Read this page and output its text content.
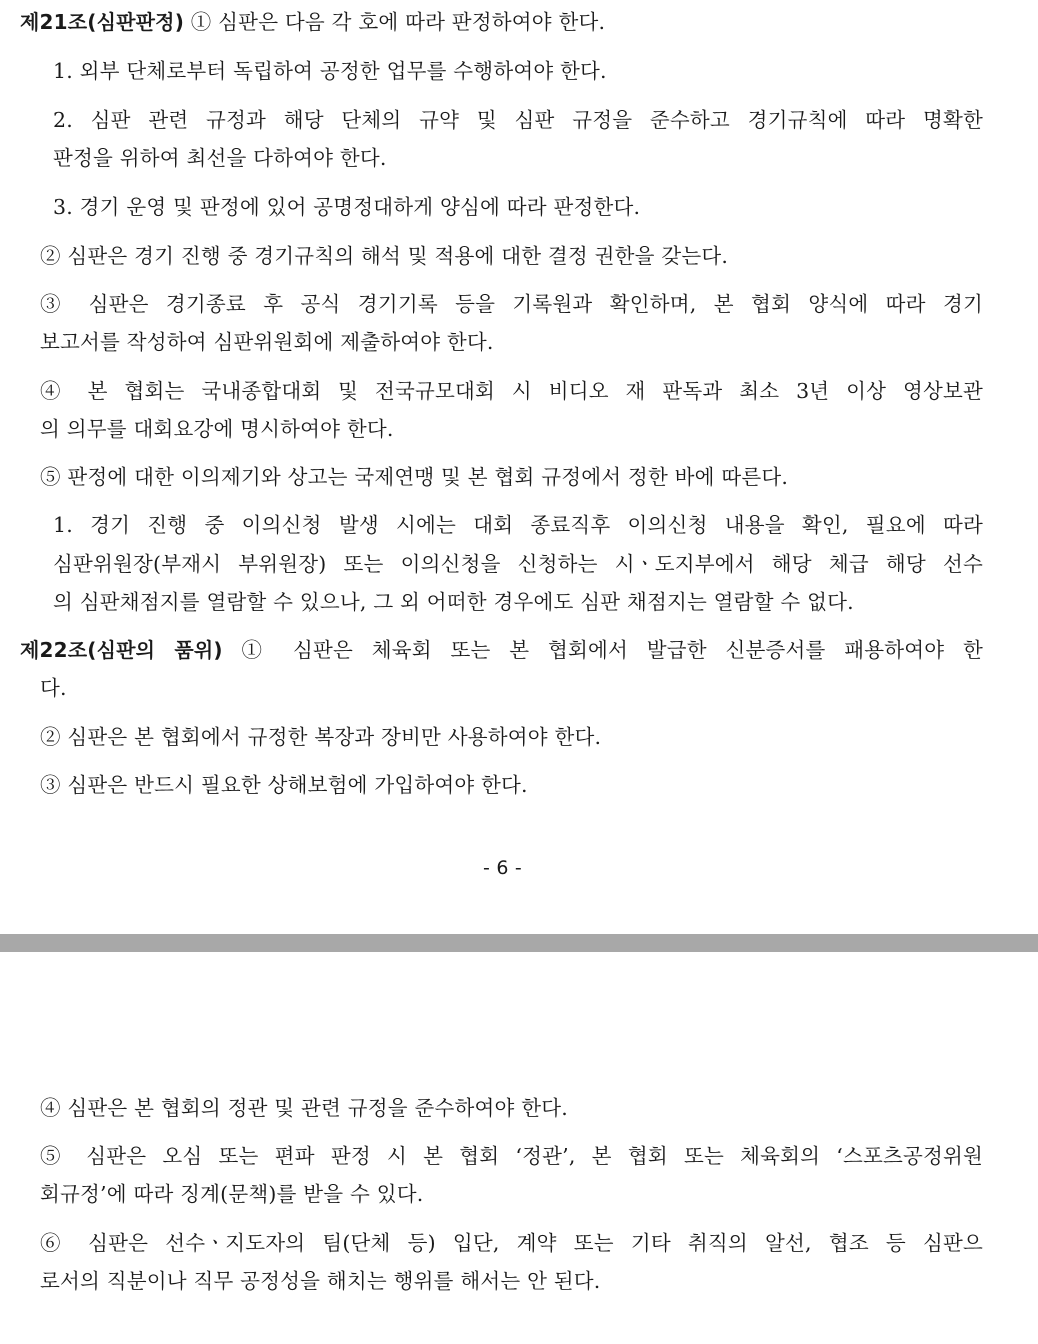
제21조(심판판정) ① 심판은 다음 각 호에 따라 판정하여야 한다.
1. 외부 단체로부터 독립하여 공정한 업무를 수행하여야 한다.
2. 심판 관련 규정과 해당 단체의 규약 및 심판 규정을 준수하고 경기규칙에 따라 명확한
판정을 위하여 최선을 다하여야 한다.
3. 경기 운영 및 판정에 있어 공명정대하게 양심에 따라 판정한다.
② 심판은 경기 진행 중 경기규칙의 해석 및 적용에 대한 결정 권한을 갖는다.
③ 심판은 경기종료 후 공식 경기기록 등을 기록원과 확인하며, 본 협회 양식에 따라 경기
보고서를 작성하여 심판위원회에 제출하여야 한다.
④ 본 협회는 국내종합대회 및 전국규모대회 시 비디오 재 판독과 최소 3년 이상 영상보관
의 의무를 대회요강에 명시하여야 한다.
⑤ 판정에 대한 이의제기와 상고는 국제연맹 및 본 협회 규정에서 정한 바에 따른다.
1. 경기 진행 중 이의신청 발생 시에는 대회 종료직후 이의신청 내용을 확인, 필요에 따라
심판위원장(부재시 부위원장) 또는 이의신청을 신청하는 시ㆍ도지부에서 해당 체급 해당 선수
의 심판채점지를 열람할 수 있으나, 그 외 어떠한 경우에도 심판 채점지는 열람할 수 없다.
제22조(심판의 품위) ① 심판은 체육회 또는 본 협회에서 발급한 신분증서를 패용하여야 한
다.
② 심판은 본 협회에서 규정한 복장과 장비만 사용하여야 한다.
③ 심판은 반드시 필요한 상해보험에 가입하여야 한다.
- 6 -
④ 심판은 본 협회의 정관 및 관련 규정을 준수하여야 한다.
⑤ 심판은 오심 또는 편파 판정 시 본 협회 ‘정관’, 본 협회 또는 체육회의 ‘스포츠공정위원
회규정’에 따라 징계(문책)를 받을 수 있다.
⑥ 심판은 선수ㆍ지도자의 팀(단체 등) 입단, 계약 또는 기타 취직의 알선, 협조 등 심판으
로서의 직분이나 직무 공정성을 해치는 행위를 해서는 안 된다.
